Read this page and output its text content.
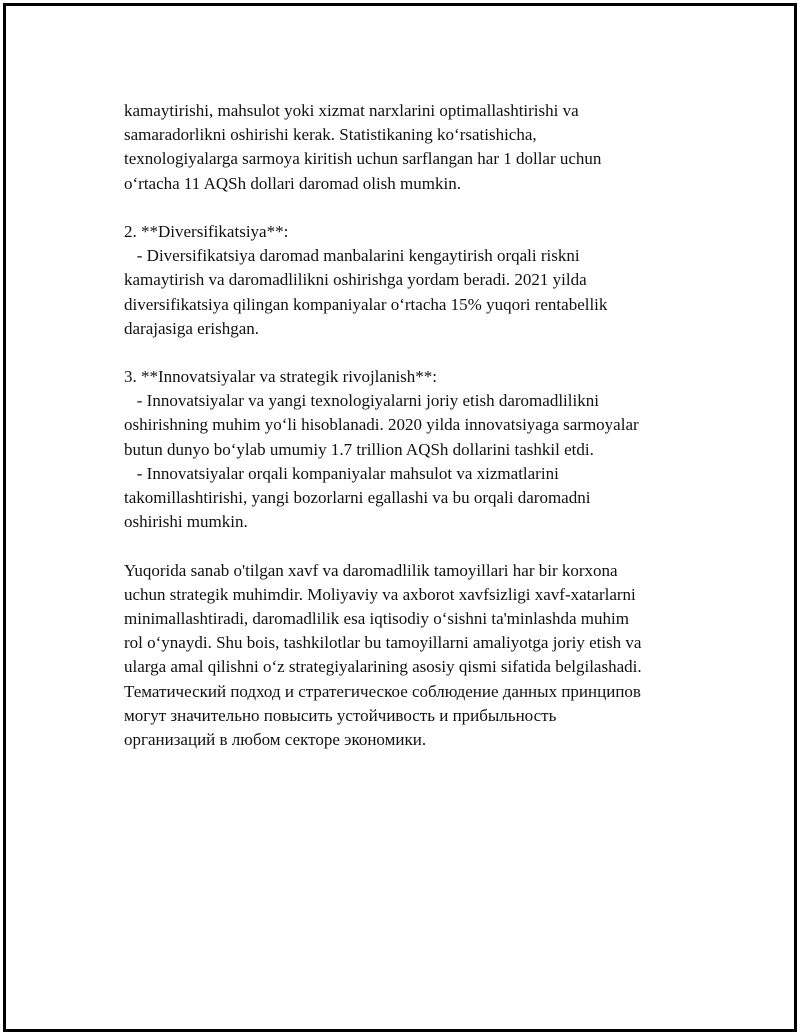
kamaytirishi, mahsulot yoki xizmat narxlarini optimallashtirishi va
samaradorlikni oshirishi kerak. Statistikaning ko‘rsatishicha,
texnologiyalarga sarmoya kiritish uchun sarflangan har 1 dollar uchun
o‘rtacha 11 AQSh dollari daromad olish mumkin.
2. **Diversifikatsiya**:
- Diversifikatsiya daromad manbalarini kengaytirish orqali riskni
kamaytirish va daromadlilikni oshirishga yordam beradi. 2021 yilda
diversifikatsiya qilingan kompaniyalar o‘rtacha 15% yuqori rentabellik
darajasiga erishgan.
3. **Innovatsiyalar va strategik rivojlanish**:
- Innovatsiyalar va yangi texnologiyalarni joriy etish daromadlilikni
oshirishning muhim yo‘li hisoblanadi. 2020 yilda innovatsiyaga sarmoyalar
butun dunyo bo‘ylab umumiy 1.7 trillion AQSh dollarini tashkil etdi.
- Innovatsiyalar orqali kompaniyalar mahsulot va xizmatlarini
takomillashtirishi, yangi bozorlarni egallashi va bu orqali daromadni
oshirishi mumkin.
Yuqorida sanab o'tilgan xavf va daromadlilik tamoyillari har bir korxona
uchun strategik muhimdir. Moliyaviy va axborot xavfsizligi xavf-xatarlarni
minimallashtiradi, daromadlilik esa iqtisodiy o‘sishni ta'minlashda muhim
rol o‘ynaydi. Shu bois, tashkilotlar bu tamoyillarni amaliyotga joriy etish va
ularga amal qilishni o‘z strategiyalarining asosiy qismi sifatida belgilashadi.
Тематический подход и стратегическое соблюдение данных принципов
могут значительно повысить устойчивость и прибыльность
организаций в любом секторе экономики.
